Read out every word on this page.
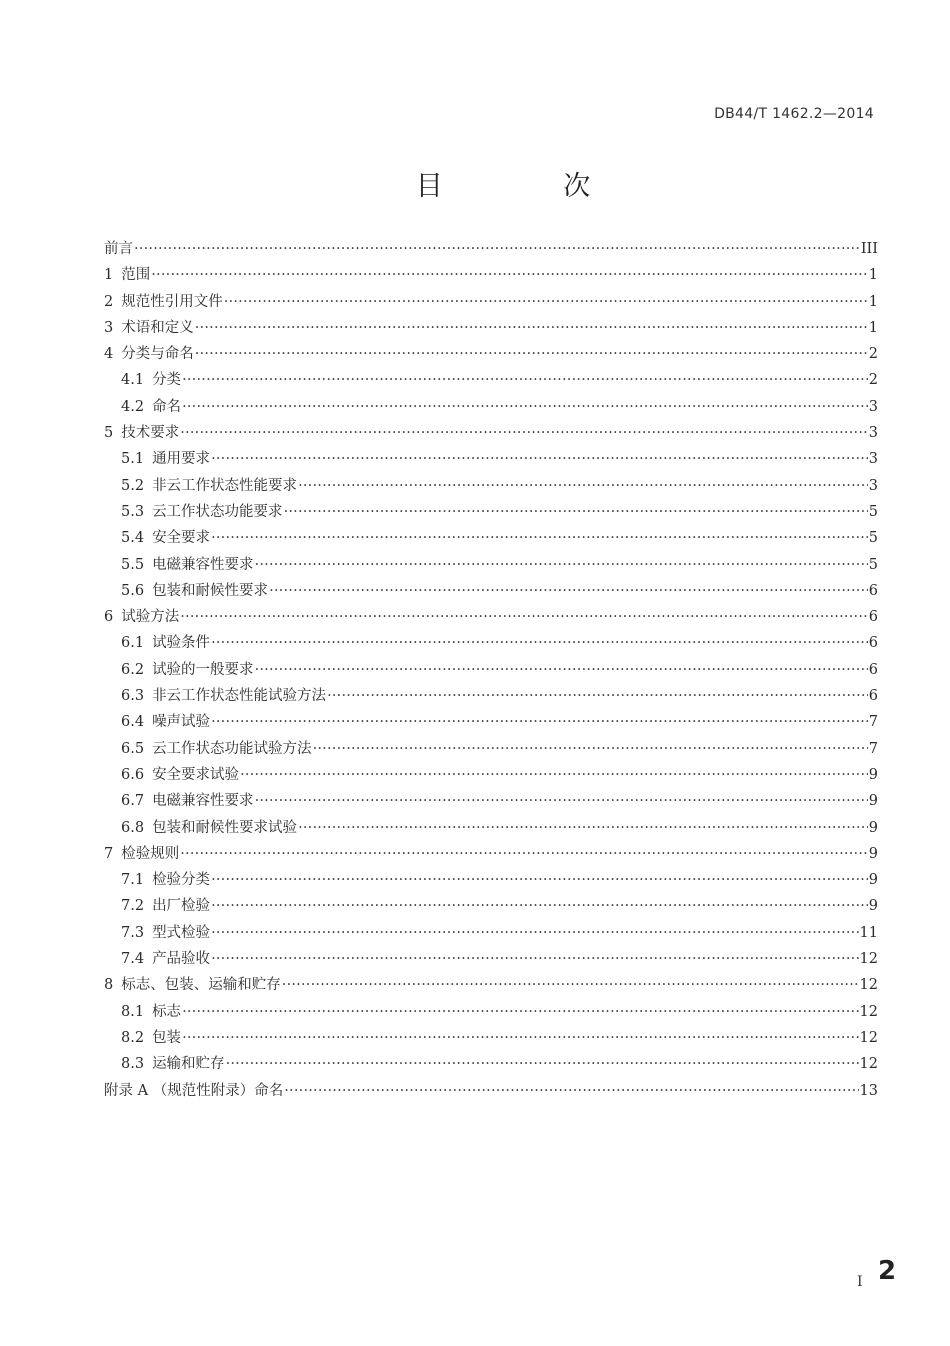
DB44/T 1462.2—2014
目 次
前言 ·····	III
1 范围 ·····	1
2 规范性引用文件 ·····	1
3 术语和定义 ·····	1
4 分类与命名 ·····	2
4.1 分类 ·····	2
4.2 命名 ·····	3
5 技术要求 ·····	3
5.1 通用要求 ·····	3
5.2 非云工作状态性能要求 ·····	3
5.3 云工作状态功能要求 ·····	5
5.4 安全要求 ·····	5
5.5 电磁兼容性要求 ·····	5
5.6 包装和耐候性要求 ·····	6
6 试验方法 ·····	6
6.1 试验条件 ·····	6
6.2 试验的一般要求 ·····	6
6.3 非云工作状态性能试验方法 ·····	6
6.4 噪声试验 ·····	7
6.5 云工作状态功能试验方法 ·····	7
6.6 安全要求试验 ·····	9
6.7 电磁兼容性要求 ·····	9
6.8 包装和耐候性要求试验 ·····	9
7 检验规则 ·····	9
7.1 检验分类 ·····	9
7.2 出厂检验 ·····	9
7.3 型式检验 ·····	11
7.4 产品验收 ·····	12
8 标志、包装、运输和贮存 ·····	12
8.1 标志 ·····	12
8.2 包装 ·····	12
8.3 运输和贮存 ·····	12
附录 A （规范性附录）命名 ·····	13
I 2
